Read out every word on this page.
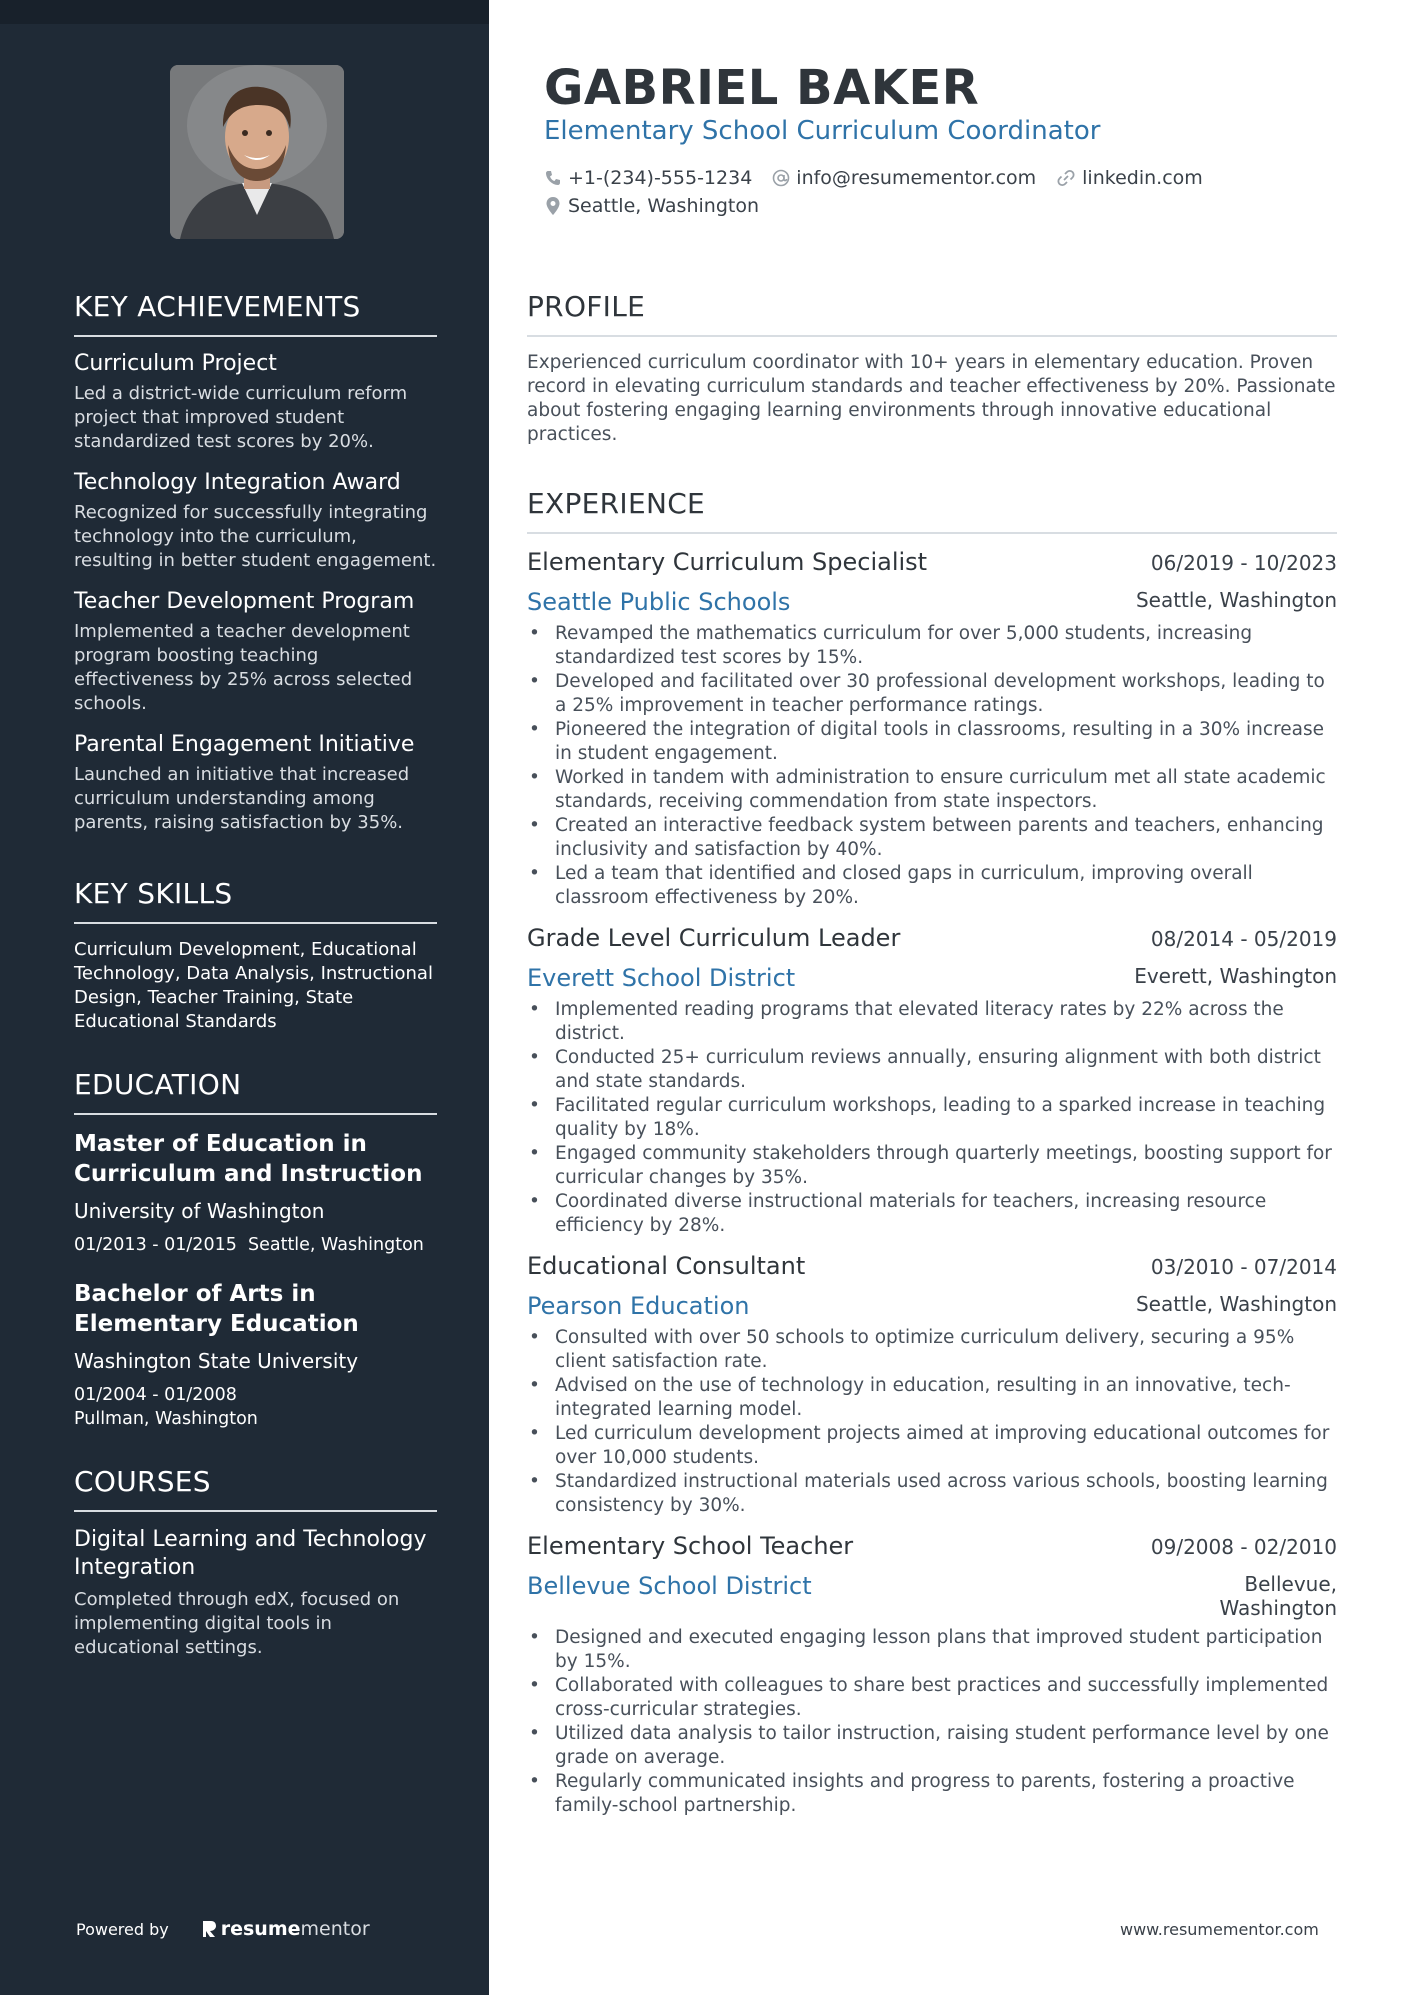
KEY ACHIEVEMENTS
Curriculum Project
Led a district-wide curriculum reform project that improved student standardized test scores by 20%.
Technology Integration Award
Recognized for successfully integrating technology into the curriculum, resulting in better student engagement.
Teacher Development Program
Implemented a teacher development program boosting teaching effectiveness by 25% across selected schools.
Parental Engagement Initiative
Launched an initiative that increased curriculum understanding among parents, raising satisfaction by 35%.
KEY SKILLS
Curriculum Development, Educational Technology, Data Analysis, Instructional Design, Teacher Training, State Educational Standards
EDUCATION
Master of Education in Curriculum and Instruction
University of Washington
01/2013 - 01/2015 Seattle, Washington
Bachelor of Arts in Elementary Education
Washington State University
01/2004 - 01/2008
Pullman, Washington
COURSES
Digital Learning and Technology Integration
Completed through edX, focused on implementing digital tools in educational settings.
Powered by	resume mentor
GABRIEL BAKER
Elementary School Curriculum Coordinator
+1-(234)-555-1234 info@resumementor.com linkedin.com
Seattle, Washington
PROFILE
Experienced curriculum coordinator with 10+ years in elementary education. Proven record in elevating curriculum standards and teacher effectiveness by 20%. Passionate about fostering engaging learning environments through innovative educational practices.
EXPERIENCE
Elementary Curriculum Specialist	06/2019 - 10/2023
Seattle Public Schools	Seattle, Washington
• Revamped the mathematics curriculum for over 5,000 students, increasing standardized test scores by 15%.
• Developed and facilitated over 30 professional development workshops, leading to a 25% improvement in teacher performance ratings.
• Pioneered the integration of digital tools in classrooms, resulting in a 30% increase in student engagement.
• Worked in tandem with administration to ensure curriculum met all state academic standards, receiving commendation from state inspectors.
• Created an interactive feedback system between parents and teachers, enhancing inclusivity and satisfaction by 40%.
• Led a team that identified and closed gaps in curriculum, improving overall classroom effectiveness by 20%.
Grade Level Curriculum Leader	08/2014 - 05/2019
Everett School District	Everett, Washington
• Implemented reading programs that elevated literacy rates by 22% across the district.
• Conducted 25+ curriculum reviews annually, ensuring alignment with both district and state standards.
• Facilitated regular curriculum workshops, leading to a sparked increase in teaching quality by 18%.
• Engaged community stakeholders through quarterly meetings, boosting support for curricular changes by 35%.
• Coordinated diverse instructional materials for teachers, increasing resource efficiency by 28%.
Educational Consultant	03/2010 - 07/2014
Pearson Education	Seattle, Washington
• Consulted with over 50 schools to optimize curriculum delivery, securing a 95% client satisfaction rate.
• Advised on the use of technology in education, resulting in an innovative, tech-integrated learning model.
• Led curriculum development projects aimed at improving educational outcomes for over 10,000 students.
• Standardized instructional materials used across various schools, boosting learning consistency by 30%.
Elementary School Teacher	09/2008 - 02/2010
Bellevue School District	Bellevue,
Washington
• Designed and executed engaging lesson plans that improved student participation by 15%.
• Collaborated with colleagues to share best practices and successfully implemented cross-curricular strategies.
• Utilized data analysis to tailor instruction, raising student performance level by one grade on average.
• Regularly communicated insights and progress to parents, fostering a proactive family-school partnership.
www.resumementor.com
